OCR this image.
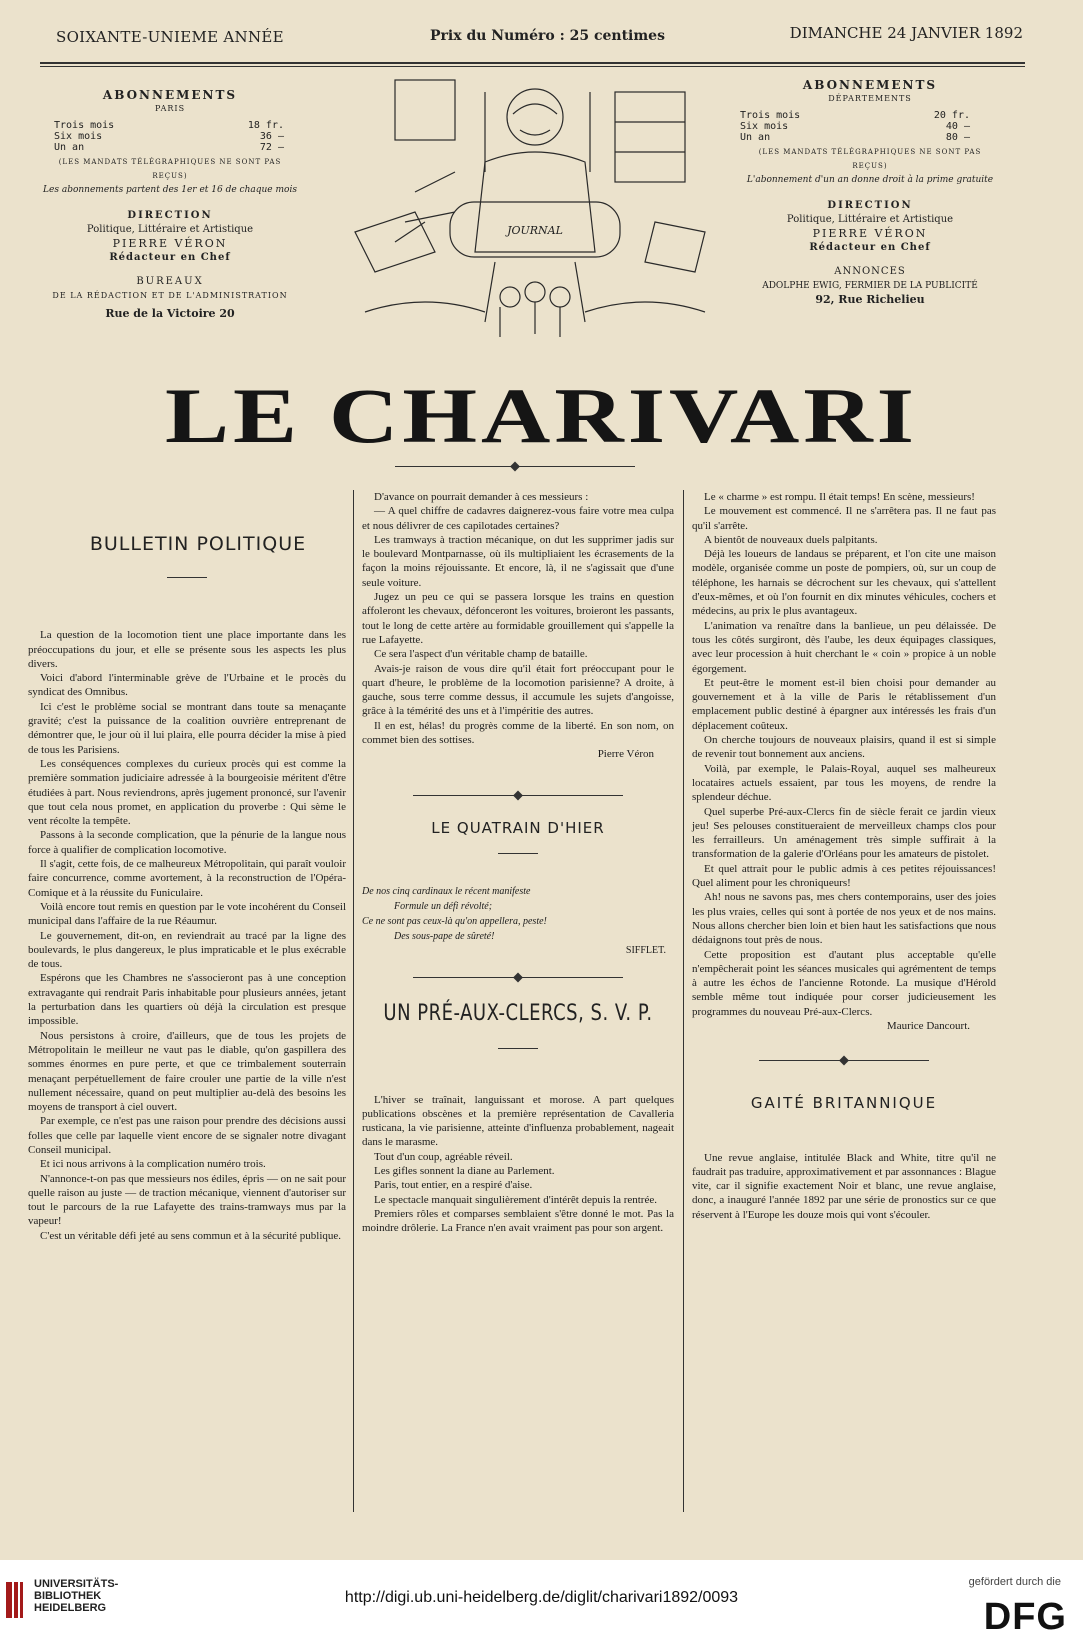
SOIXANTE-UNIEME ANNÉE	Prix du Numéro : 25 centimes	DIMANCHE 24 JANVIER 1892
ABONNEMENTS
PARIS
Trois mois	18 fr.
Six mois	36 —
Un an	72 —
(LES MANDATS TÉLÉGRAPHIQUES NE SONT PAS REÇUS)
Les abonnements partent des 1er et 16 de chaque mois
DIRECTION
Politique, Littéraire et Artistique
PIERRE VÉRON
Rédacteur en Chef
BUREAUX
DE LA RÉDACTION ET DE L'ADMINISTRATION
Rue de la Victoire 20
ABONNEMENTS
DÉPARTEMENTS
Trois mois	20 fr.
Six mois	40 —
Un an	80 —
(LES MANDATS TÉLÉGRAPHIQUES NE SONT PAS REÇUS)
L'abonnement d'un an donne droit à la prime gratuite
DIRECTION
Politique, Littéraire et Artistique
PIERRE VÉRON
Rédacteur en Chef
ANNONCES
ADOLPHE EWIG, FERMIER DE LA PUBLICITÉ
92, Rue Richelieu
JOURNAL
LE CHARIVARI
BULLETIN POLITIQUE

La question de la locomotion tient une place importante dans les préoccupations du jour, et elle se présente sous les aspects les plus divers.

Voici d'abord l'interminable grève de l'Urbaine et le procès du syndicat des Omnibus.

Ici c'est le problème social se montrant dans toute sa menaçante gravité; c'est la puissance de la coalition ouvrière entreprenant de démontrer que, le jour où il lui plaira, elle pourra décider la mise à pied de tous les Parisiens.

Les conséquences complexes du curieux procès qui est comme la première sommation judiciaire adressée à la bourgeoisie méritent d'être étudiées à part. Nous reviendrons, après jugement prononcé, sur l'avenir que tout cela nous promet, en application du proverbe : Qui sème le vent récolte la tempête.

Passons à la seconde complication, que la pénurie de la langue nous force à qualifier de complication locomotive.

Il s'agit, cette fois, de ce malheureux Métropolitain, qui paraît vouloir faire concurrence, comme avortement, à la reconstruction de l'Opéra-Comique et à la réussite du Funiculaire.

Voilà encore tout remis en question par le vote incohérent du Conseil municipal dans l'affaire de la rue Réaumur.

Le gouvernement, dit-on, en reviendrait au tracé par la ligne des boulevards, le plus dangereux, le plus impraticable et le plus exécrable de tous.

Espérons que les Chambres ne s'associeront pas à une conception extravagante qui rendrait Paris inhabitable pour plusieurs années, jetant la perturbation dans les quartiers où déjà la circulation est presque impossible.

Nous persistons à croire, d'ailleurs, que de tous les projets de Métropolitain le meilleur ne vaut pas le diable, qu'on gaspillera des sommes énormes en pure perte, et que ce trimbalement souterrain menaçant perpétuellement de faire crouler une partie de la ville n'est nullement nécessaire, quand on peut multiplier au-delà des besoins les moyens de transport à ciel ouvert.

Par exemple, ce n'est pas une raison pour prendre des décisions aussi folles que celle par laquelle vient encore de se signaler notre divagant Conseil municipal.

Et ici nous arrivons à la complication numéro trois.

N'annonce-t-on pas que messieurs nos édiles, épris — on ne sait pour quelle raison au juste — de traction mécanique, viennent d'autoriser sur tout le parcours de la rue Lafayette des trains-tramways mus par la vapeur!

C'est un véritable défi jeté au sens commun et à la sécurité publique.

D'avance on pourrait demander à ces messieurs :

— A quel chiffre de cadavres daignerez-vous faire votre mea culpa et nous délivrer de ces capilotades certaines?

Les tramways à traction mécanique, on dut les supprimer jadis sur le boulevard Montparnasse, où ils multipliaient les écrasements de la façon la moins réjouissante. Et encore, là, il ne s'agissait que d'une seule voiture.

Jugez un peu ce qui se passera lorsque les trains en question affoleront les chevaux, défonceront les voitures, broieront les passants, tout le long de cette artère au formidable grouillement qui s'appelle la rue Lafayette.

Ce sera l'aspect d'un véritable champ de bataille.

Avais-je raison de vous dire qu'il était fort préoccupant pour le quart d'heure, le problème de la locomotion parisienne? A droite, à gauche, sous terre comme dessus, il accumule les sujets d'angoisse, grâce à la témérité des uns et à l'impéritie des autres.

Il en est, hélas! du progrès comme de la liberté. En son nom, on commet bien des sottises.

Pierre Véron
LE QUATRAIN D'HIER
De nos cinq cardinaux le récent manifeste
Formule un défi révolté;
Ce ne sont pas ceux-là qu'on appellera, peste!
Des sous-pape de sûreté!
SIFFLET.
UN PRÉ-AUX-CLERCS, S. V. P.

L'hiver se traînait, languissant et morose. A part quelques publications obscènes et la première représentation de Cavalleria rusticana, la vie parisienne, atteinte d'influenza probablement, nageait dans le marasme.

Tout d'un coup, agréable réveil.

Les gifles sonnent la diane au Parlement.

Paris, tout entier, en a respiré d'aise.

Le spectacle manquait singulièrement d'intérêt depuis la rentrée.

Premiers rôles et comparses semblaient s'être donné le mot. Pas la moindre drôlerie. La France n'en avait vraiment pas pour son argent.

Le « charme » est rompu. Il était temps! En scène, messieurs!

Le mouvement est commencé. Il ne s'arrêtera pas. Il ne faut pas qu'il s'arrête.

A bientôt de nouveaux duels palpitants.

Déjà les loueurs de landaus se préparent, et l'on cite une maison modèle, organisée comme un poste de pompiers, où, sur un coup de téléphone, les harnais se décrochent sur les chevaux, qui s'attellent d'eux-mêmes, et où l'on fournit en dix minutes véhicules, cochers et médecins, au prix le plus avantageux.

L'animation va renaître dans la banlieue, un peu délaissée. De tous les côtés surgiront, dès l'aube, les deux équipages classiques, avec leur procession à huit cherchant le « coin » propice à un noble égorgement.

Et peut-être le moment est-il bien choisi pour demander au gouvernement et à la ville de Paris le rétablissement d'un emplacement public destiné à épargner aux intéressés les frais d'un déplacement coûteux.

On cherche toujours de nouveaux plaisirs, quand il est si simple de revenir tout bonnement aux anciens.

Voilà, par exemple, le Palais-Royal, auquel ses malheureux locataires actuels essaient, par tous les moyens, de rendre la splendeur déchue.

Quel superbe Pré-aux-Clercs fin de siècle ferait ce jardin vieux jeu! Ses pelouses constitueraient de merveilleux champs clos pour les ferrailleurs. Un aménagement très simple suffirait à la transformation de la galerie d'Orléans pour les amateurs de pistolet.

Et quel attrait pour le public admis à ces petites réjouissances! Quel aliment pour les chroniqueurs!

Ah! nous ne savons pas, mes chers contemporains, user des joies les plus vraies, celles qui sont à portée de nos yeux et de nos mains. Nous allons chercher bien loin et bien haut les satisfactions que nous dédaignons tout près de nous.

Cette proposition est d'autant plus acceptable qu'elle n'empêcherait point les séances musicales qui agrémentent de temps à autre les échos de l'ancienne Rotonde. La musique d'Hérold semble même tout indiquée pour corser judicieusement les programmes du nouveau Pré-aux-Clercs.

Maurice Dancourt.
GAITÉ BRITANNIQUE

Une revue anglaise, intitulée Black and White, titre qu'il ne faudrait pas traduire, approximativement et par assonnances : Blague vite, car il signifie exactement Noir et blanc, une revue anglaise, donc, a inauguré l'année 1892 par une série de pronostics sur ce que réservent à l'Europe les douze mois qui vont s'écouler.

UNIVERSITÄTS-
BIBLIOTHEK
HEIDELBERG
http://digi.ub.uni-heidelberg.de/diglit/charivari1892/0093
gefördert durch die
DFG
